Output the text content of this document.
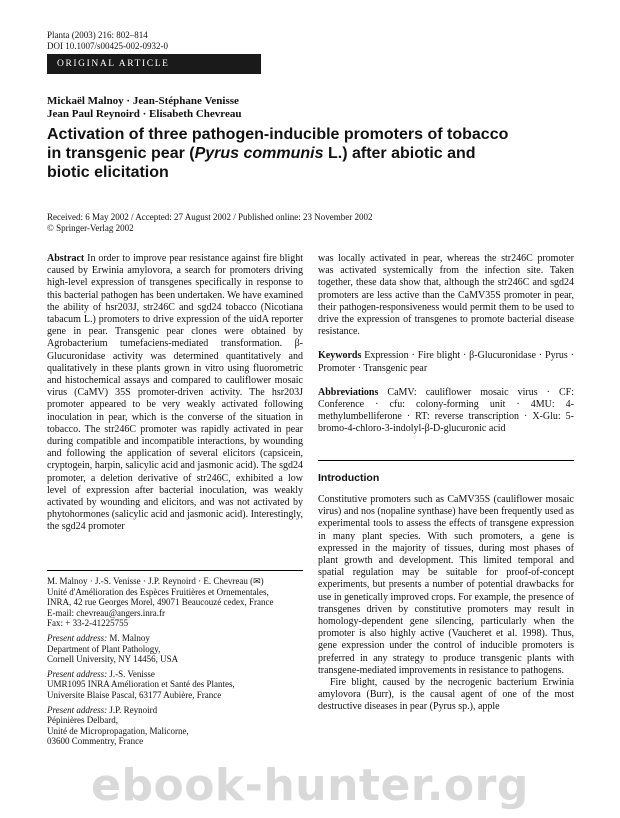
Planta (2003) 216: 802–814
DOI 10.1007/s00425-002-0932-0
ORIGINAL ARTICLE
Mickaël Malnoy · Jean-Stéphane Venisse
Jean Paul Reynoird · Elisabeth Chevreau
Activation of three pathogen-inducible promoters of tobacco in transgenic pear (Pyrus communis L.) after abiotic and biotic elicitation
Received: 6 May 2002 / Accepted: 27 August 2002 / Published online: 23 November 2002
© Springer-Verlag 2002

Abstract In order to improve pear resistance against fire blight caused by Erwinia amylovora, a search for promoters driving high-level expression of transgenes specifically in response to this bacterial pathogen has been undertaken. We have examined the ability of hsr203J, str246C and sgd24 tobacco (Nicotiana tabacum L.) promoters to drive expression of the uidA reporter gene in pear. Transgenic pear clones were obtained by Agrobacterium tumefaciens-mediated transformation. β-Glucuronidase activity was determined quantitatively and qualitatively in these plants grown in vitro using fluorometric and histochemical assays and compared to cauliflower mosaic virus (CaMV) 35S promoter-driven activity. The hsr203J promoter appeared to be very weakly activated following inoculation in pear, which is the converse of the situation in tobacco. The str246C promoter was rapidly activated in pear during compatible and incompatible interactions, by wounding and following the application of several elicitors (capsicein, cryptogein, harpin, salicylic acid and jasmonic acid). The sgd24 promoter, a deletion derivative of str246C, exhibited a low level of expression after bacterial inoculation, was weakly activated by wounding and elicitors, and was not activated by phytohormones (salicylic acid and jasmonic acid). Interestingly, the sgd24 promoter

was locally activated in pear, whereas the str246C promoter was activated systemically from the infection site. Taken together, these data show that, although the str246C and sgd24 promoters are less active than the CaMV35S promoter in pear, their pathogen-responsiveness would permit them to be used to drive the expression of transgenes to promote bacterial disease resistance.

Keywords Expression · Fire blight · β-Glucuronidase · Pyrus · Promoter · Transgenic pear

Abbreviations CaMV: cauliflower mosaic virus · CF: Conference · cfu: colony-forming unit · 4MU: 4-methylumbelliferone · RT: reverse transcription · X-Glu: 5-bromo-4-chloro-3-indolyl-β-D-glucuronic acid

Introduction

Constitutive promoters such as CaMV35S (cauliflower mosaic virus) and nos (nopaline synthase) have been frequently used as experimental tools to assess the effects of transgene expression in many plant species. With such promoters, a gene is expressed in the majority of tissues, during most phases of plant growth and development. This limited temporal and spatial regulation may be suitable for proof-of-concept experiments, but presents a number of potential drawbacks for use in genetically improved crops. For example, the presence of transgenes driven by constitutive promoters may result in homology-dependent gene silencing, particularly when the promoter is also highly active (Vaucheret et al. 1998). Thus, gene expression under the control of inducible promoters is preferred in any strategy to produce transgenic plants with transgene-mediated improvements in resistance to pathogens.

Fire blight, caused by the necrogenic bacterium Erwinia amylovora (Burr), is the causal agent of one of the most destructive diseases in pear (Pyrus sp.), apple

M. Malnoy · J.-S. Venisse · J.P. Reynoird · E. Chevreau (✉)
Unité d'Amélioration des Espèces Fruitières et Ornementales,
INRA, 42 rue Georges Morel, 49071 Beaucouzé cedex, France
E-mail: chevreau@angers.inra.fr
Fax: + 33-2-41225755
Present address: M. Malnoy
Department of Plant Pathology,
Cornell University, NY 14456, USA
Present address: J.-S. Venisse
UMR1095 INRA Amélioration et Santé des Plantes,
Universite Blaise Pascal, 63177 Aubière, France
Present address: J.P. Reynoird
Pépinières Delbard,
Unité de Micropropagation, Malicorne,
03600 Commentry, France
ebook-hunter.org
